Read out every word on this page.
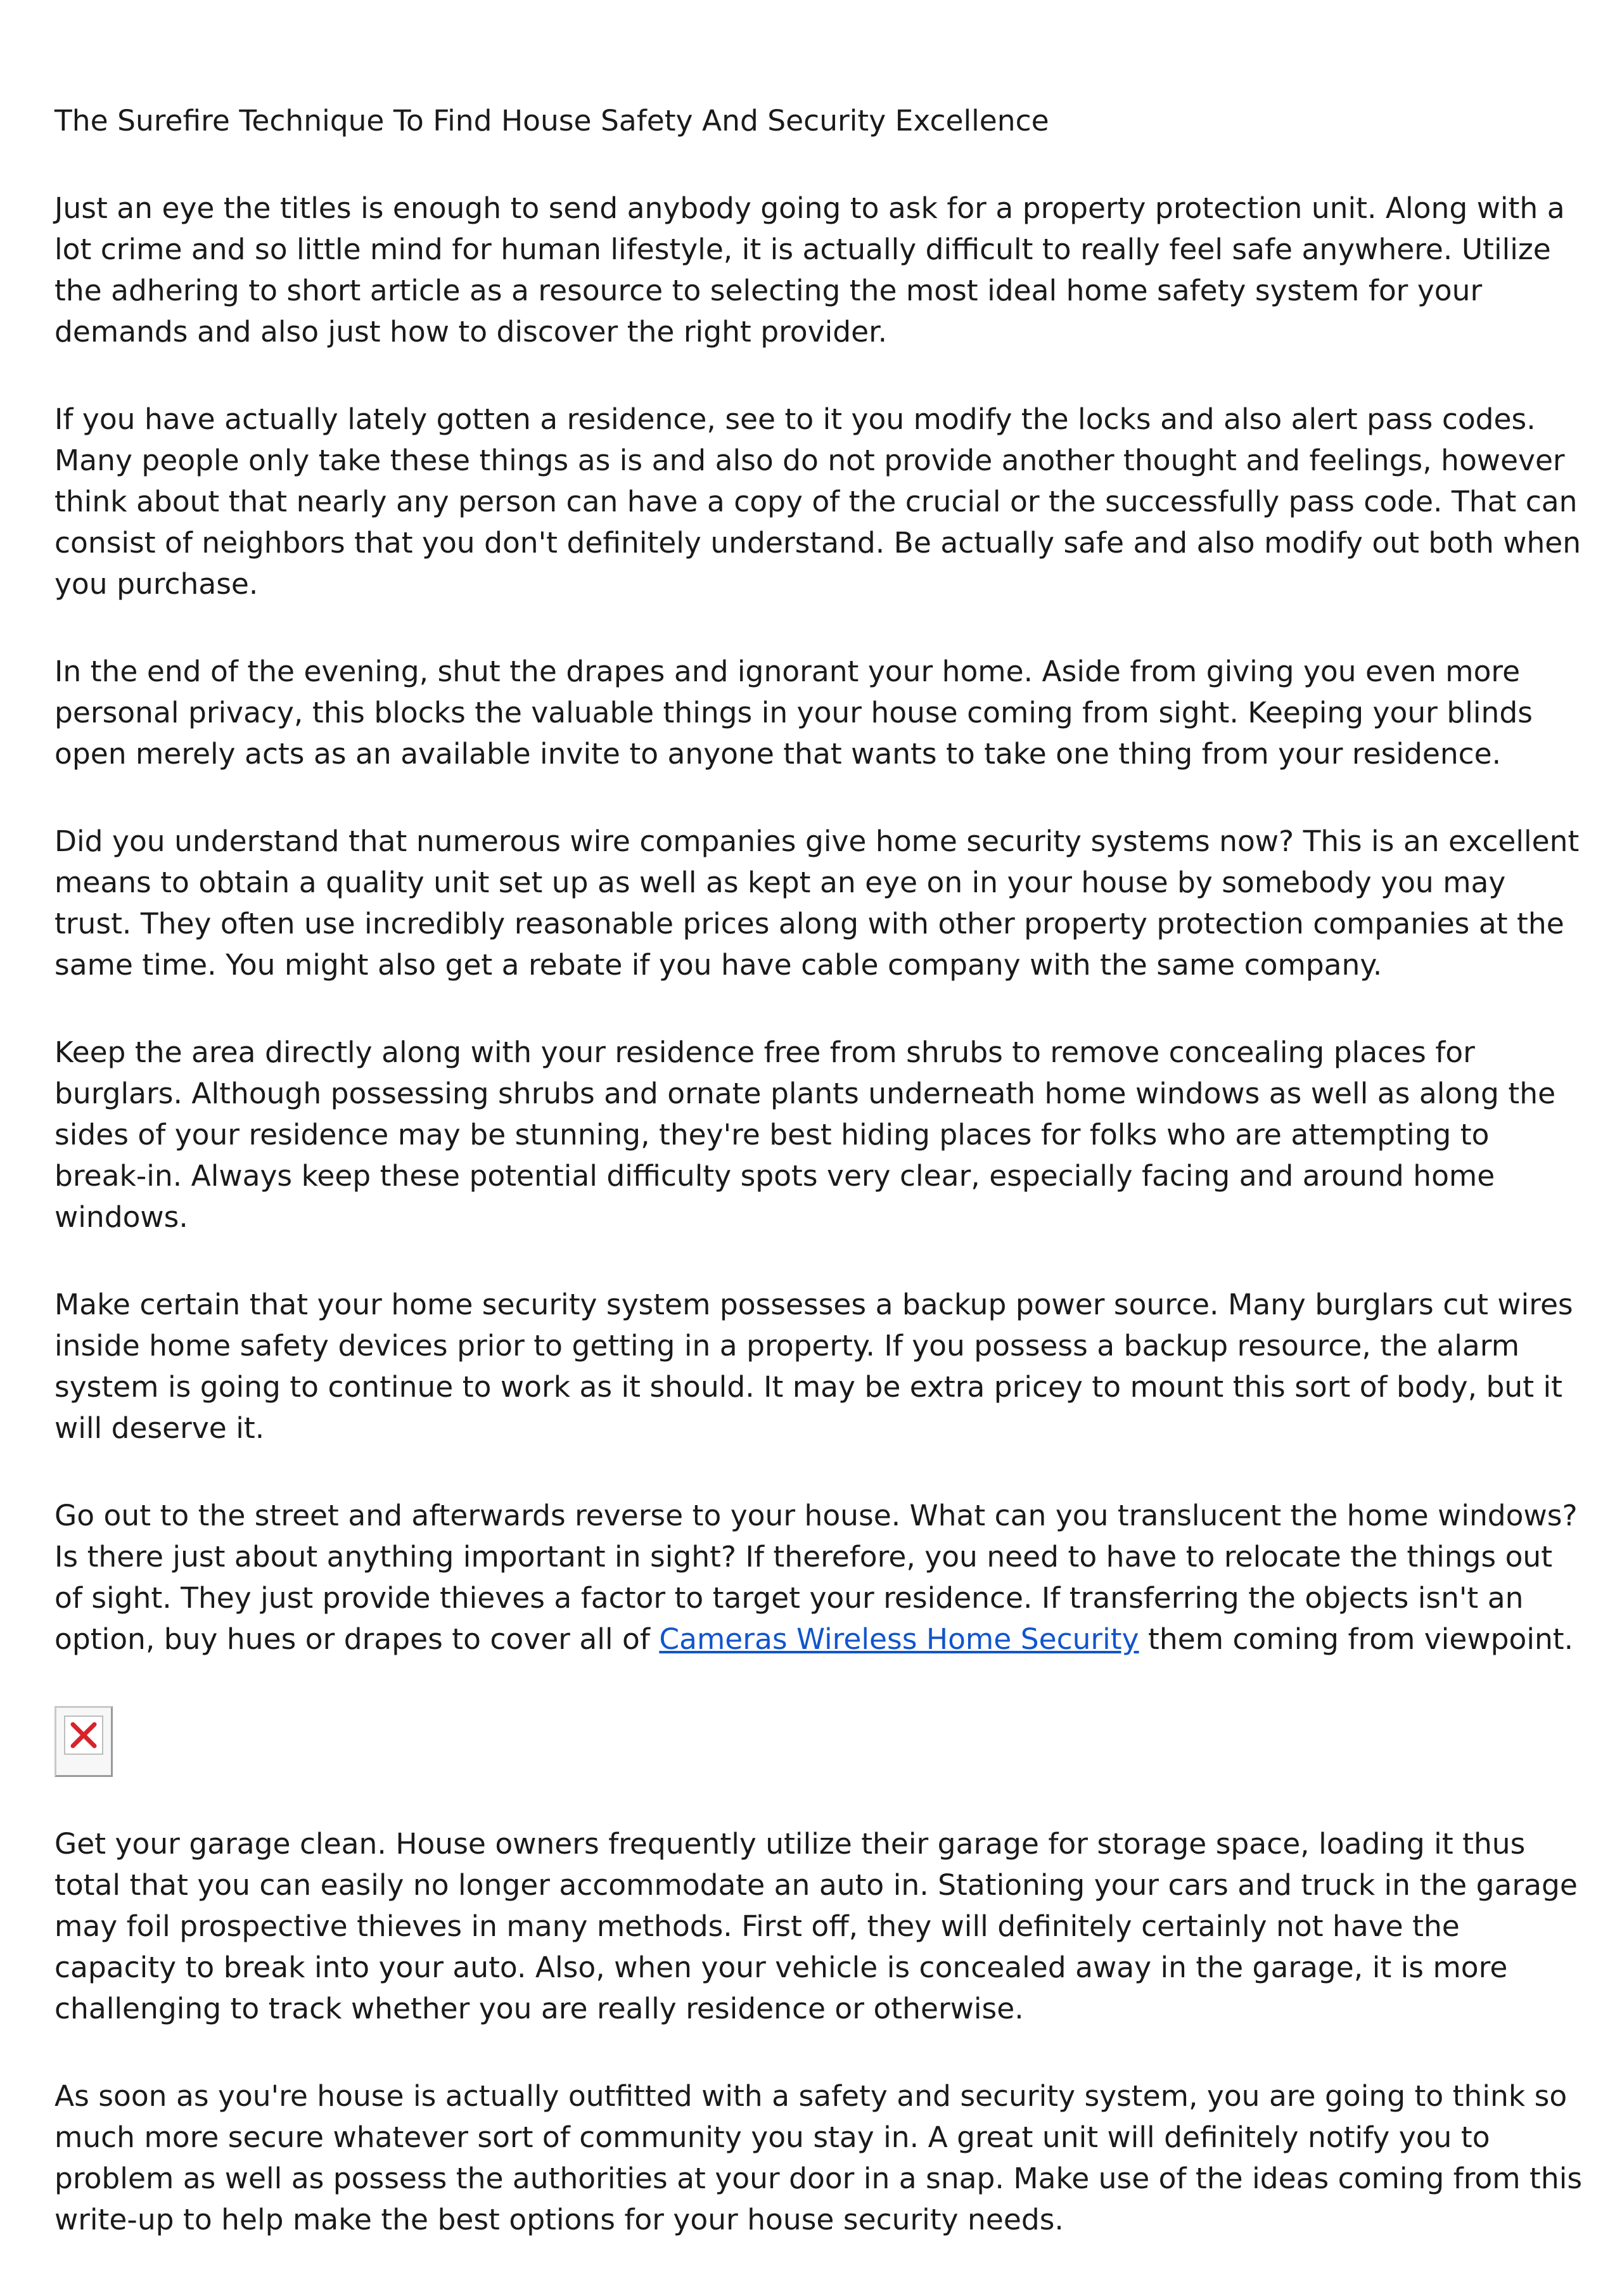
The Surefire Technique To Find House Safety And Security Excellence

Just an eye the titles is enough to send anybody going to ask for a property protection unit. Along with a lot crime and so little mind for human lifestyle, it is actually difficult to really feel safe anywhere. Utilize the adhering to short article as a resource to selecting the most ideal home safety system for your demands and also just how to discover the right provider.

If you have actually lately gotten a residence, see to it you modify the locks and also alert pass codes. Many people only take these things as is and also do not provide another thought and feelings, however think about that nearly any person can have a copy of the crucial or the successfully pass code. That can consist of neighbors that you don't definitely understand. Be actually safe and also modify out both when you purchase.

In the end of the evening, shut the drapes and ignorant your home. Aside from giving you even more personal privacy, this blocks the valuable things in your house coming from sight. Keeping your blinds open merely acts as an available invite to anyone that wants to take one thing from your residence.

Did you understand that numerous wire companies give home security systems now? This is an excellent means to obtain a quality unit set up as well as kept an eye on in your house by somebody you may trust. They often use incredibly reasonable prices along with other property protection companies at the same time. You might also get a rebate if you have cable company with the same company.

Keep the area directly along with your residence free from shrubs to remove concealing places for burglars. Although possessing shrubs and ornate plants underneath home windows as well as along the sides of your residence may be stunning, they're best hiding places for folks who are attempting to break-in. Always keep these potential difficulty spots very clear, especially facing and around home windows.

Make certain that your home security system possesses a backup power source. Many burglars cut wires inside home safety devices prior to getting in a property. If you possess a backup resource, the alarm system is going to continue to work as it should. It may be extra pricey to mount this sort of body, but it will deserve it.

Go out to the street and afterwards reverse to your house. What can you translucent the home windows? Is there just about anything important in sight? If therefore, you need to have to relocate the things out of sight. They just provide thieves a factor to target your residence. If transferring the objects isn't an option, buy hues or drapes to cover all of Cameras Wireless Home Security them coming from viewpoint.

Get your garage clean. House owners frequently utilize their garage for storage space, loading it thus total that you can easily no longer accommodate an auto in. Stationing your cars and truck in the garage may foil prospective thieves in many methods. First off, they will definitely certainly not have the capacity to break into your auto. Also, when your vehicle is concealed away in the garage, it is more challenging to track whether you are really residence or otherwise.

As soon as you're house is actually outfitted with a safety and security system, you are going to think so much more secure whatever sort of community you stay in. A great unit will definitely notify you to problem as well as possess the authorities at your door in a snap. Make use of the ideas coming from this write-up to help make the best options for your house security needs.
